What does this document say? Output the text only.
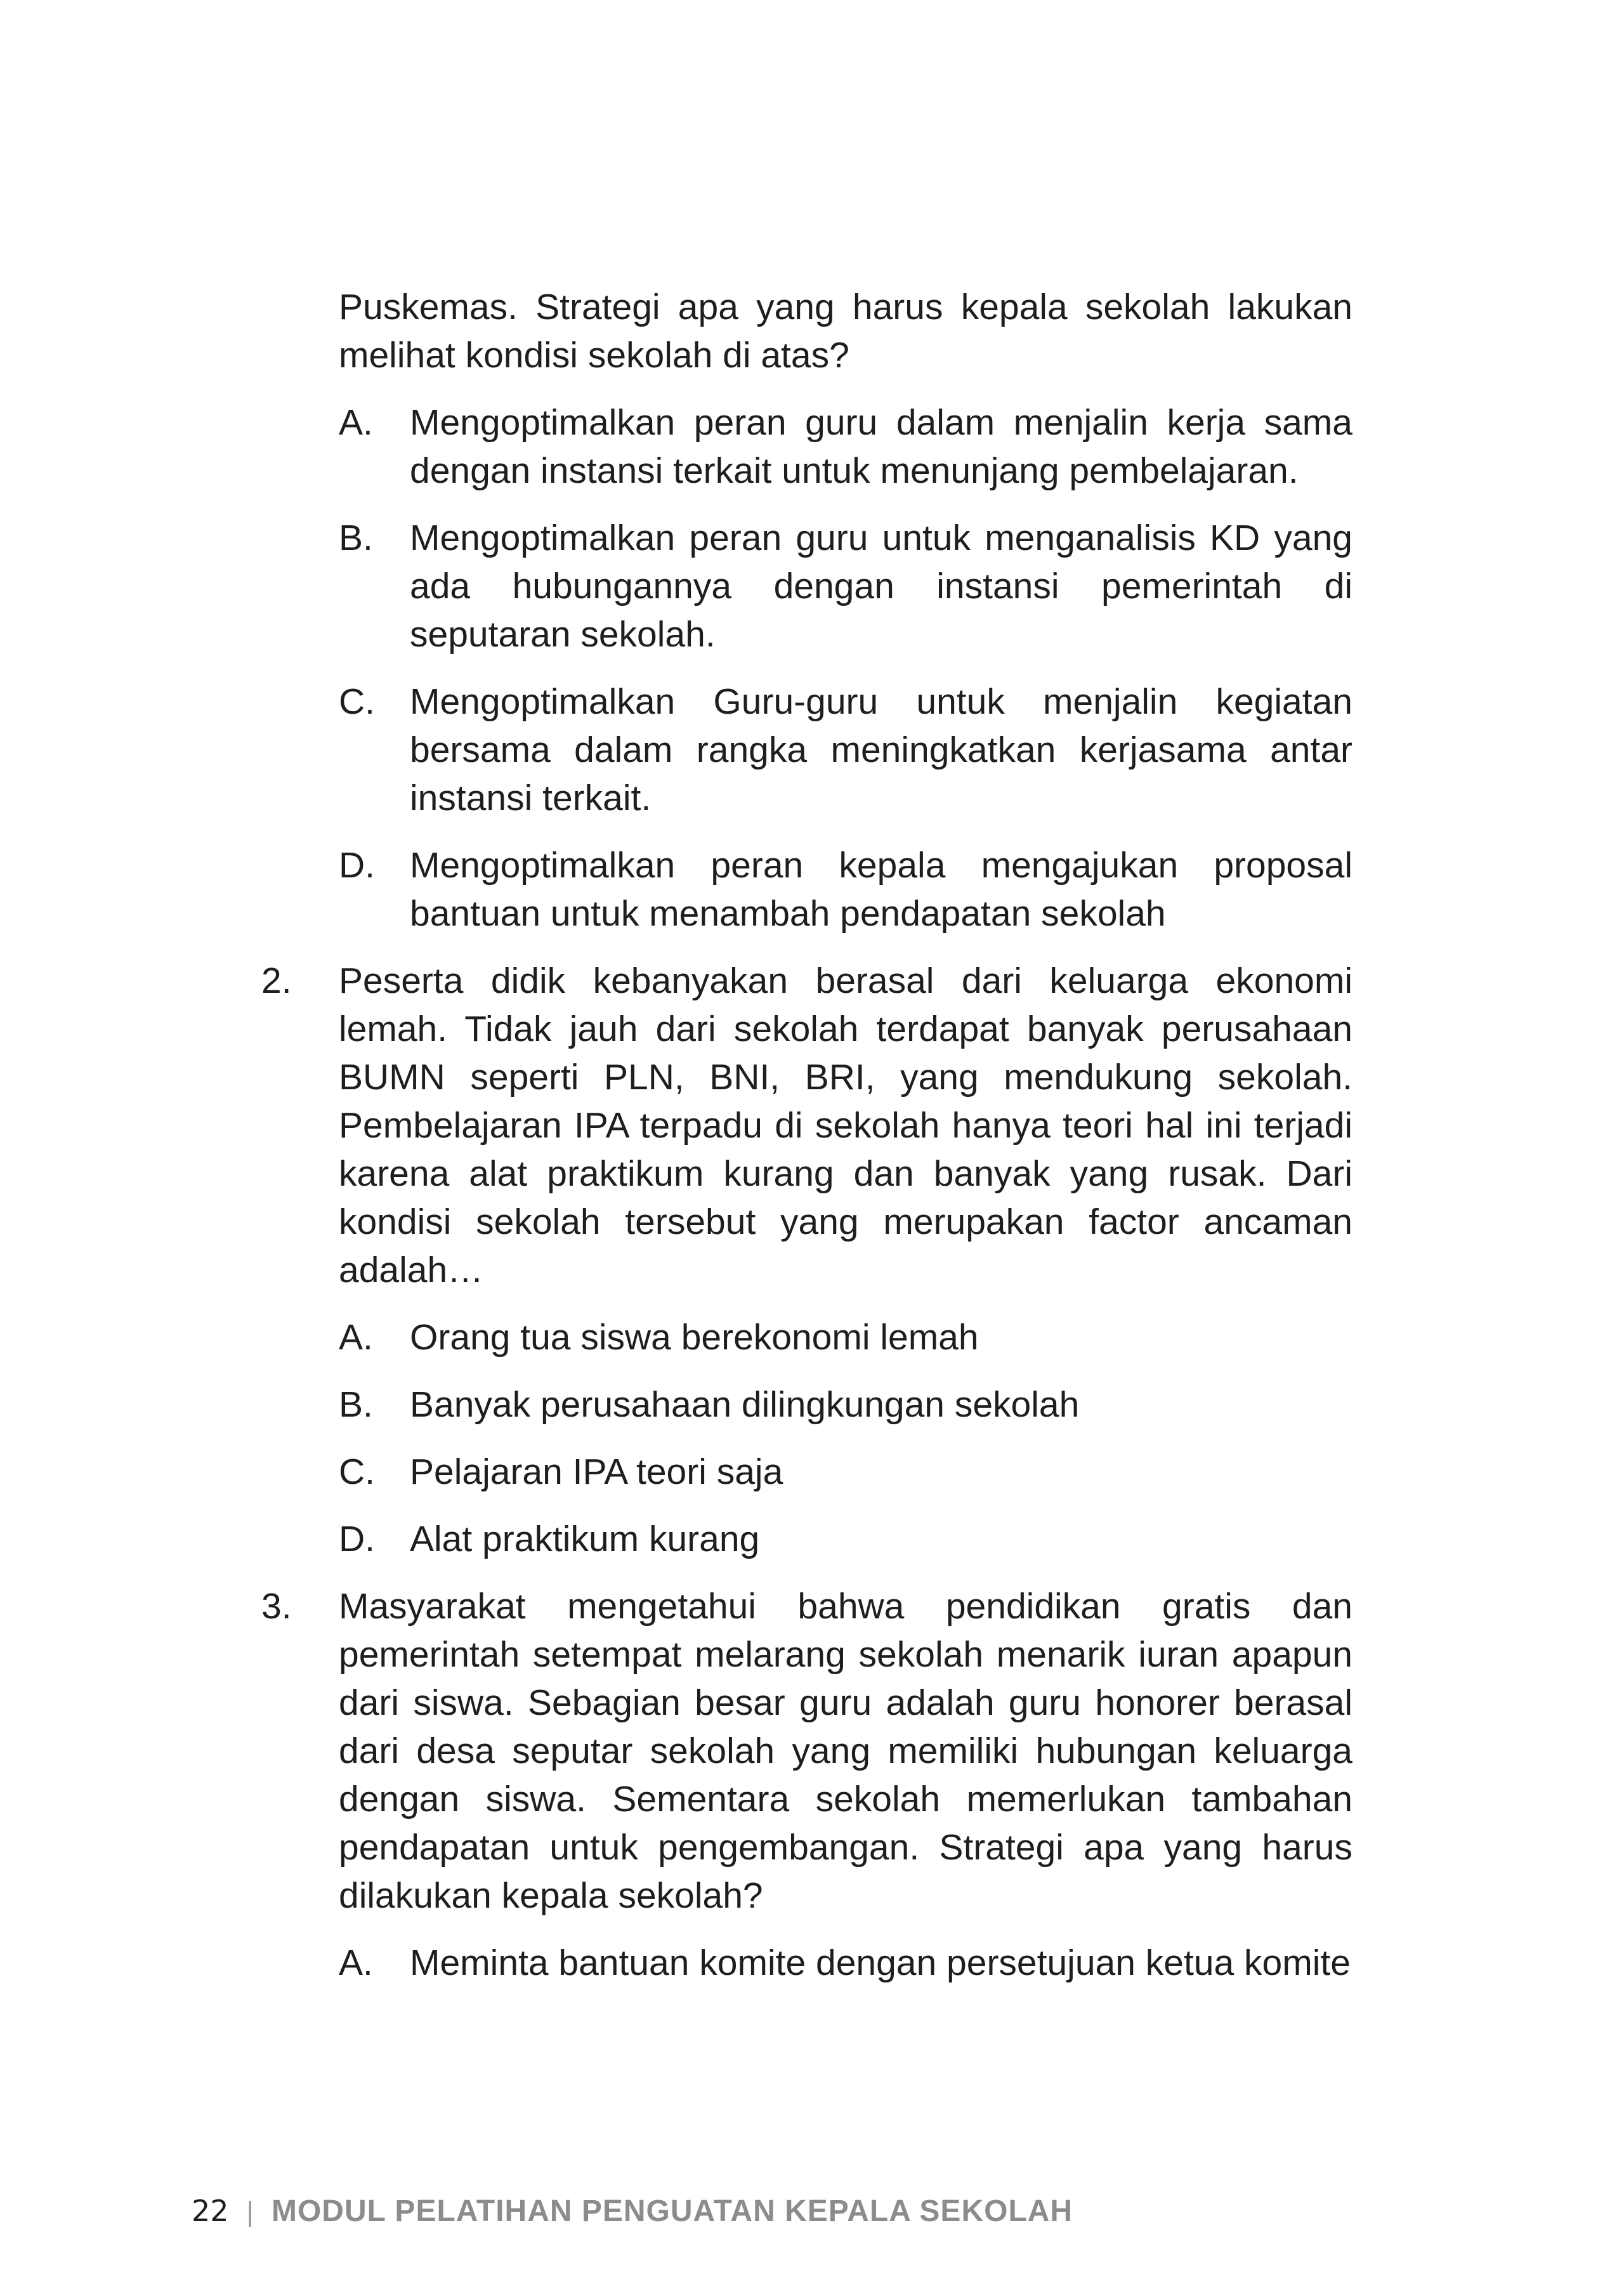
Puskemas. Strategi apa yang harus kepala sekolah lakukan melihat kondisi sekolah di atas?

A. Mengoptimalkan peran guru dalam menjalin kerja sama dengan instansi terkait untuk menunjang pembelajaran.
B. Mengoptimalkan peran guru untuk menganalisis KD yang ada hubungannya dengan instansi pemerintah di seputaran sekolah.
C. Mengoptimalkan Guru-guru untuk menjalin kegiatan bersama dalam rangka meningkatkan kerjasama antar instansi terkait.
D. Mengoptimalkan peran kepala mengajukan proposal bantuan untuk menambah pendapatan sekolah
2. Peserta didik kebanyakan berasal dari keluarga ekonomi lemah. Tidak jauh dari sekolah terdapat banyak perusahaan BUMN seperti PLN, BNI, BRI, yang mendukung sekolah. Pembelajaran IPA terpadu di sekolah hanya teori hal ini terjadi karena alat praktikum kurang dan banyak yang rusak. Dari kondisi sekolah tersebut yang merupakan factor ancaman adalah…
A. Orang tua siswa berekonomi lemah
B. Banyak perusahaan dilingkungan sekolah
C. Pelajaran IPA teori saja
D. Alat praktikum kurang
3. Masyarakat mengetahui bahwa pendidikan gratis dan pemerintah setempat melarang sekolah menarik iuran apapun dari siswa. Sebagian besar guru adalah guru honorer berasal dari desa seputar sekolah yang memiliki hubungan keluarga dengan siswa. Sementara sekolah memerlukan tambahan pendapatan untuk pengembangan. Strategi apa yang harus dilakukan kepala sekolah?
A. Meminta bantuan komite dengan persetujuan ketua komite
22 | MODUL PELATIHAN PENGUATAN KEPALA SEKOLAH
